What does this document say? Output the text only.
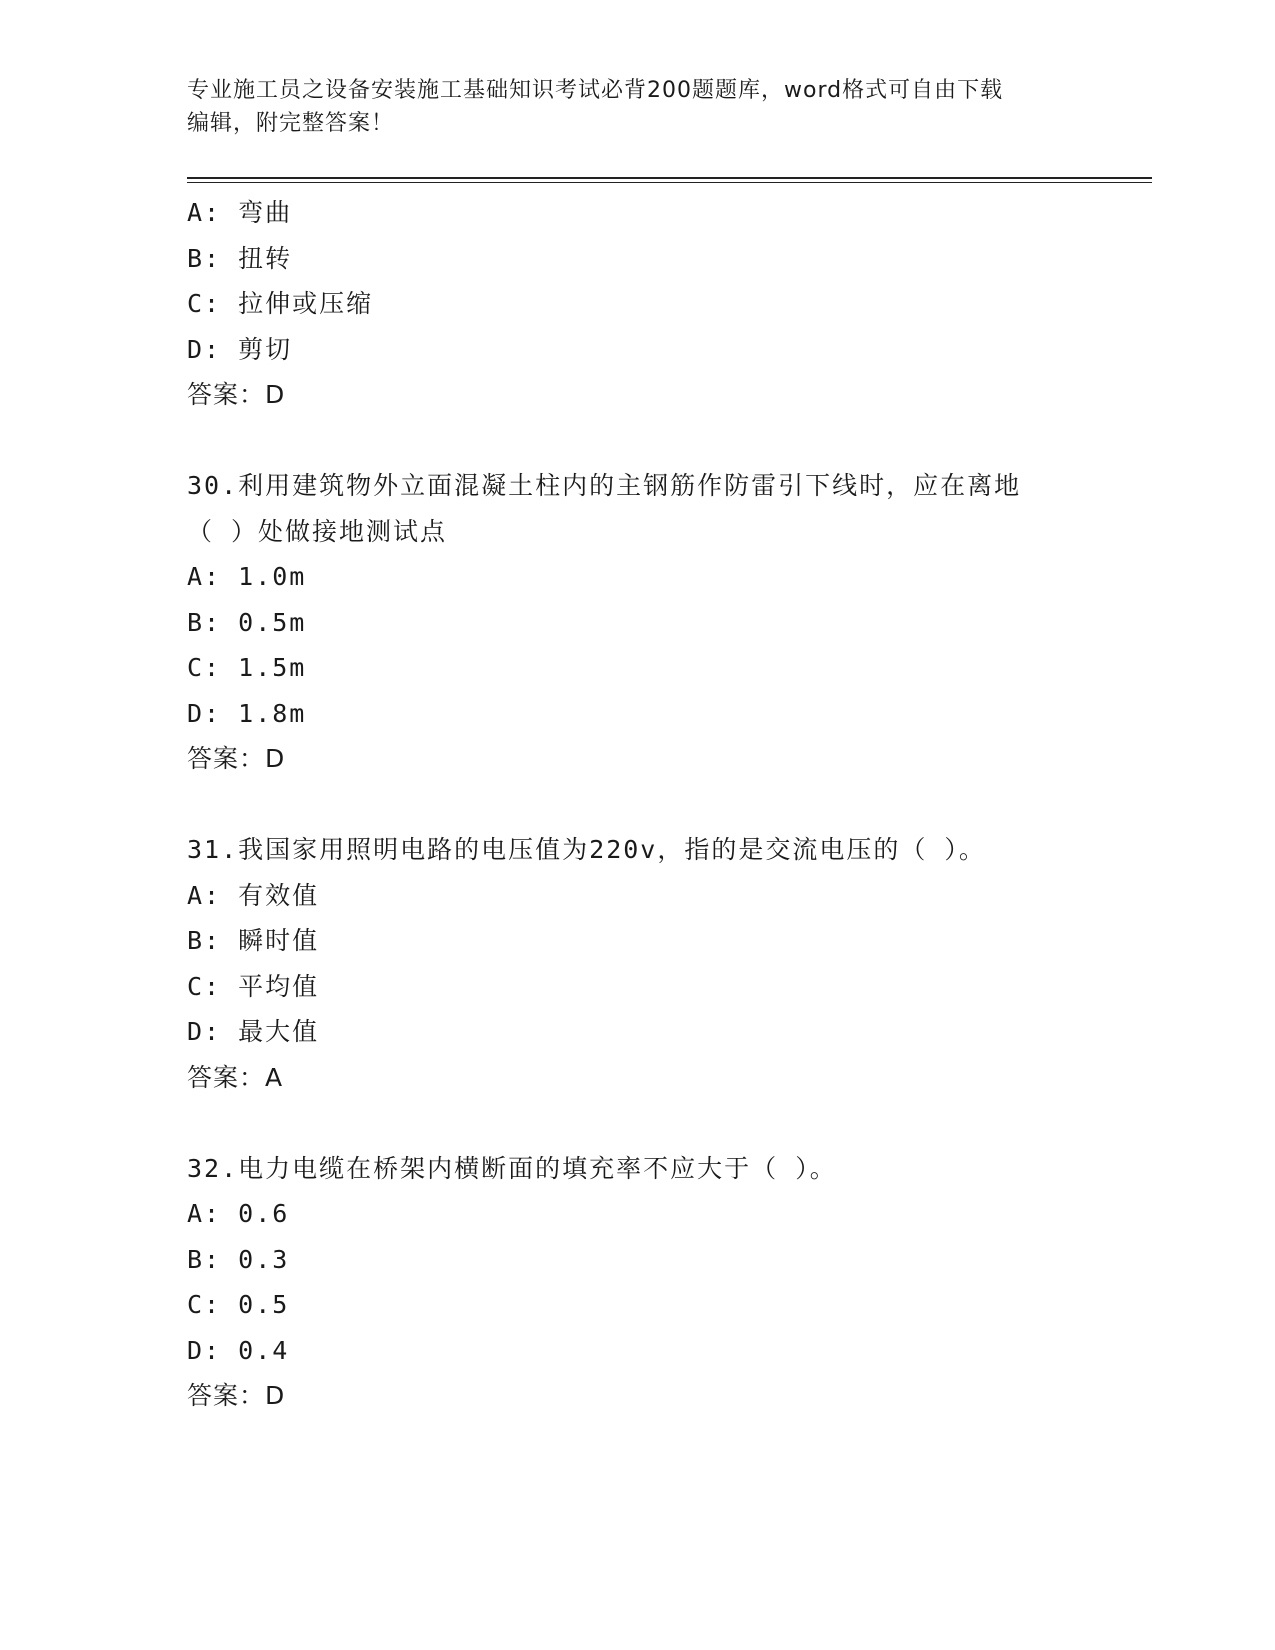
专业施工员之设备安装施工基础知识考试必背200题题库，word格式可自由下载
编辑，附完整答案！
A: 弯曲
B: 扭转
C: 拉伸或压缩
D: 剪切
答案：D
30.利用建筑物外立面混凝土柱内的主钢筋作防雷引下线时，应在离地
（ ）处做接地测试点
A: 1.0m
B: 0.5m
C: 1.5m
D: 1.8m
答案：D
31.我国家用照明电路的电压值为220v，指的是交流电压的（ ）。
A: 有效值
B: 瞬时值
C: 平均值
D: 最大值
答案：A
32.电力电缆在桥架内横断面的填充率不应大于（ ）。
A: 0.6
B: 0.3
C: 0.5
D: 0.4
答案：D
